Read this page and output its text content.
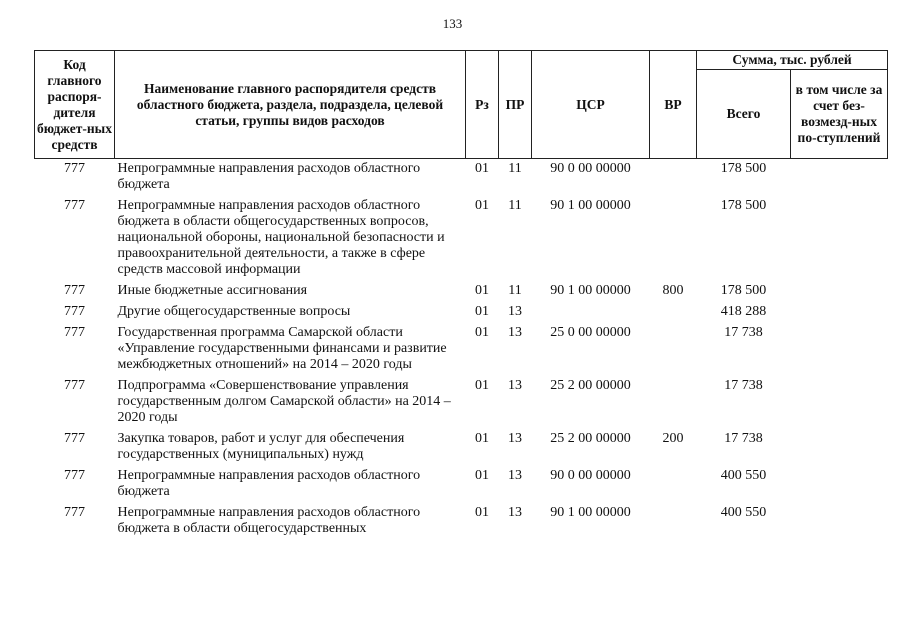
133
Код главного распоря-дителя бюджет-ных средств	Наименование главного распорядителя средств областного бюджета, раздела, подраздела, целевой статьи, группы видов расходов	Рз	ПР	ЦСР	ВР	Сумма, тыс. рублей	
						Всего	в том числе за счет без-возмезд-ных по-ступлений
777	Непрограммные направления расходов областного бюджета	01	11	90 0 00 00000		178 500	
777	Непрограммные направления расходов областного бюджета в области общегосударственных вопросов, национальной обороны, национальной безопасности и правоохранительной деятельности, а также в сфере средств массовой информации	01	11	90 1 00 00000		178 500	
777	Иные бюджетные ассигнования	01	11	90 1 00 00000	800	178 500	
777	Другие общегосударственные вопросы	01	13			418 288	
777	Государственная программа Самарской области «Управление государственными финансами и развитие межбюджетных отношений» на 2014 – 2020 годы	01	13	25 0 00 00000		17 738	
777	Подпрограмма «Совершенствование управления государственным долгом Самарской области» на 2014 – 2020 годы	01	13	25 2 00 00000		17 738	
777	Закупка товаров, работ и услуг для обеспечения государственных (муниципальных) нужд	01	13	25 2 00 00000	200	17 738	
777	Непрограммные направления расходов областного бюджета	01	13	90 0 00 00000		400 550	
777	Непрограммные направления расходов областного бюджета в области общегосударственных	01	13	90 1 00 00000		400 550	
